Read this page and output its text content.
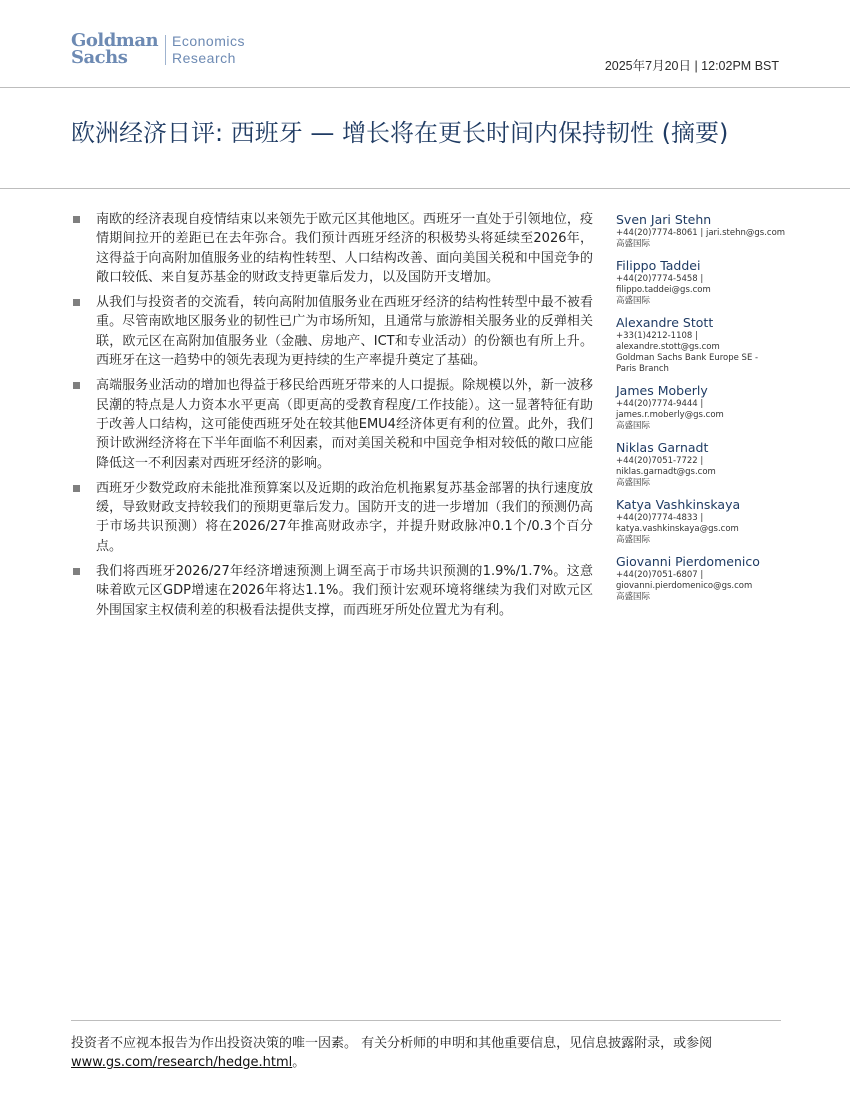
Goldman
Sachs
Economics
Research	2025年7月20日 | 12:02PM BST
欧洲经济日评: 西班牙 — 增长将在更长时间内保持韧性 (摘要)
南欧的经济表现自疫情结束以来领先于欧元区其他地区。西班牙一直处于引领地位，疫情期间拉开的差距已在去年弥合。我们预计西班牙经济的积极势头将延续至2026年，这得益于向高附加值服务业的结构性转型、人口结构改善、面向美国关税和中国竞争的敞口较低、来自复苏基金的财政支持更靠后发力，以及国防开支增加。
从我们与投资者的交流看，转向高附加值服务业在西班牙经济的结构性转型中最不被看重。尽管南欧地区服务业的韧性已广为市场所知，且通常与旅游相关服务业的反弹相关联，欧元区在高附加值服务业（金融、房地产、ICT和专业活动）的份额也有所上升。西班牙在这一趋势中的领先表现为更持续的生产率提升奠定了基础。
高端服务业活动的增加也得益于移民给西班牙带来的人口提振。除规模以外，新一波移民潮的特点是人力资本水平更高（即更高的受教育程度/工作技能）。这一显著特征有助于改善人口结构，这可能使西班牙处在较其他EMU4经济体更有利的位置。此外，我们预计欧洲经济将在下半年面临不利因素，而对美国关税和中国竞争相对较低的敞口应能降低这一不利因素对西班牙经济的影响。
西班牙少数党政府未能批准预算案以及近期的政治危机拖累复苏基金部署的执行速度放缓，导致财政支持较我们的预期更靠后发力。国防开支的进一步增加（我们的预测仍高于市场共识预测）将在2026/27年推高财政赤字，并提升财政脉冲0.1个/0.3个百分点。
我们将西班牙2026/27年经济增速预测上调至高于市场共识预测的1.9%/1.7%。这意味着欧元区GDP增速在2026年将达1.1%。我们预计宏观环境将继续为我们对欧元区外围国家主权债利差的积极看法提供支撑，而西班牙所处位置尤为有利。
Sven Jari Stehn
+44(20)7774-8061 | jari.stehn@gs.com
高盛国际
Filippo Taddei
+44(20)7774-5458 |
filippo.taddei@gs.com
高盛国际
Alexandre Stott
+33(1)4212-1108 |
alexandre.stott@gs.com
Goldman Sachs Bank Europe SE -
Paris Branch
James Moberly
+44(20)7774-9444 |
james.r.moberly@gs.com
高盛国际
Niklas Garnadt
+44(20)7051-7722 |
niklas.garnadt@gs.com
高盛国际
Katya Vashkinskaya
+44(20)7774-4833 |
katya.vashkinskaya@gs.com
高盛国际
Giovanni Pierdomenico
+44(20)7051-6807 |
giovanni.pierdomenico@gs.com
高盛国际
投资者不应视本报告为作出投资决策的唯一因素。 有关分析师的申明和其他重要信息，见信息披露附录，或参阅
www.gs.com/research/hedge.html。
